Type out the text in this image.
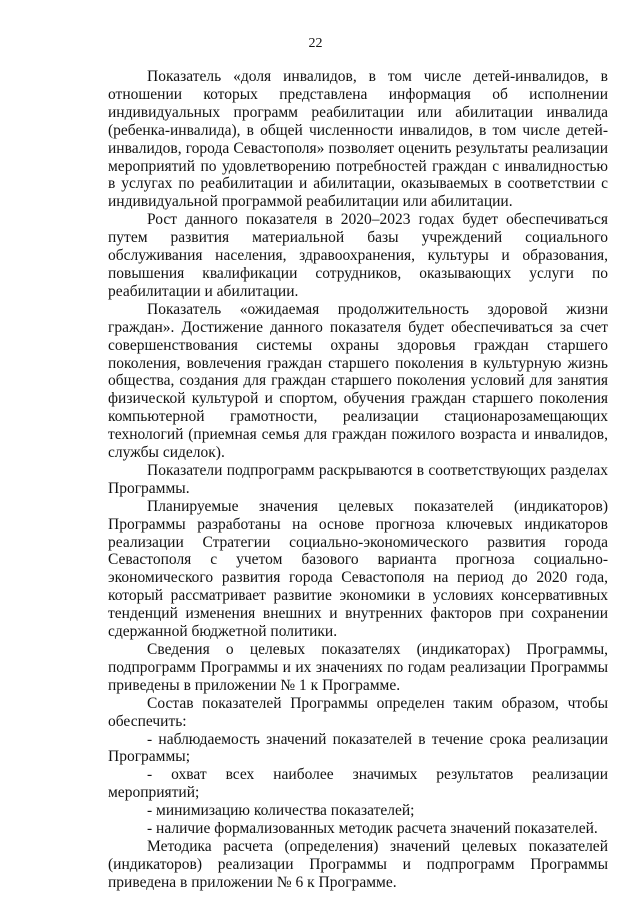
22

Показатель «доля инвалидов, в том числе детей-инвалидов, в отношении которых представлена информация об исполнении индивидуальных программ реабилитации или абилитации инвалида (ребенка-инвалида), в общей численности инвалидов, в том числе детей-инвалидов, города Севастополя» позволяет оценить результаты реализации мероприятий по удовлетворению потребностей граждан с инвалидностью в услугах по реабилитации и абилитации, оказываемых в соответствии с индивидуальной программой реабилитации или абилитации.

Рост данного показателя в 2020–2023 годах будет обеспечиваться путем развития материальной базы учреждений социального обслуживания населения, здравоохранения, культуры и образования, повышения квалификации сотрудников, оказывающих услуги по реабилитации и абилитации.

Показатель «ожидаемая продолжительность здоровой жизни граждан». Достижение данного показателя будет обеспечиваться за счет совершенствования системы охраны здоровья граждан старшего поколения, вовлечения граждан старшего поколения в культурную жизнь общества, создания для граждан старшего поколения условий для занятия физической культурой и спортом, обучения граждан старшего поколения компьютерной грамотности, реализации стационарозамещающих технологий (приемная семья для граждан пожилого возраста и инвалидов, службы сиделок).

Показатели подпрограмм раскрываются в соответствующих разделах Программы.

Планируемые значения целевых показателей (индикаторов) Программы разработаны на основе прогноза ключевых индикаторов реализации Стратегии социально-экономического развития города Севастополя с учетом базового варианта прогноза социально-экономического развития города Севастополя на период до 2020 года, который рассматривает развитие экономики в условиях консервативных тенденций изменения внешних и внутренних факторов при сохранении сдержанной бюджетной политики.

Сведения о целевых показателях (индикаторах) Программы, подпрограмм Программы и их значениях по годам реализации Программы приведены в приложении № 1 к Программе.

Состав показателей Программы определен таким образом, чтобы обеспечить:

- наблюдаемость значений показателей в течение срока реализации Программы;

- охват всех наиболее значимых результатов реализации мероприятий;

- минимизацию количества показателей;

- наличие формализованных методик расчета значений показателей.

Методика расчета (определения) значений целевых показателей (индикаторов) реализации Программы и подпрограмм Программы приведена в приложении № 6 к Программе.
